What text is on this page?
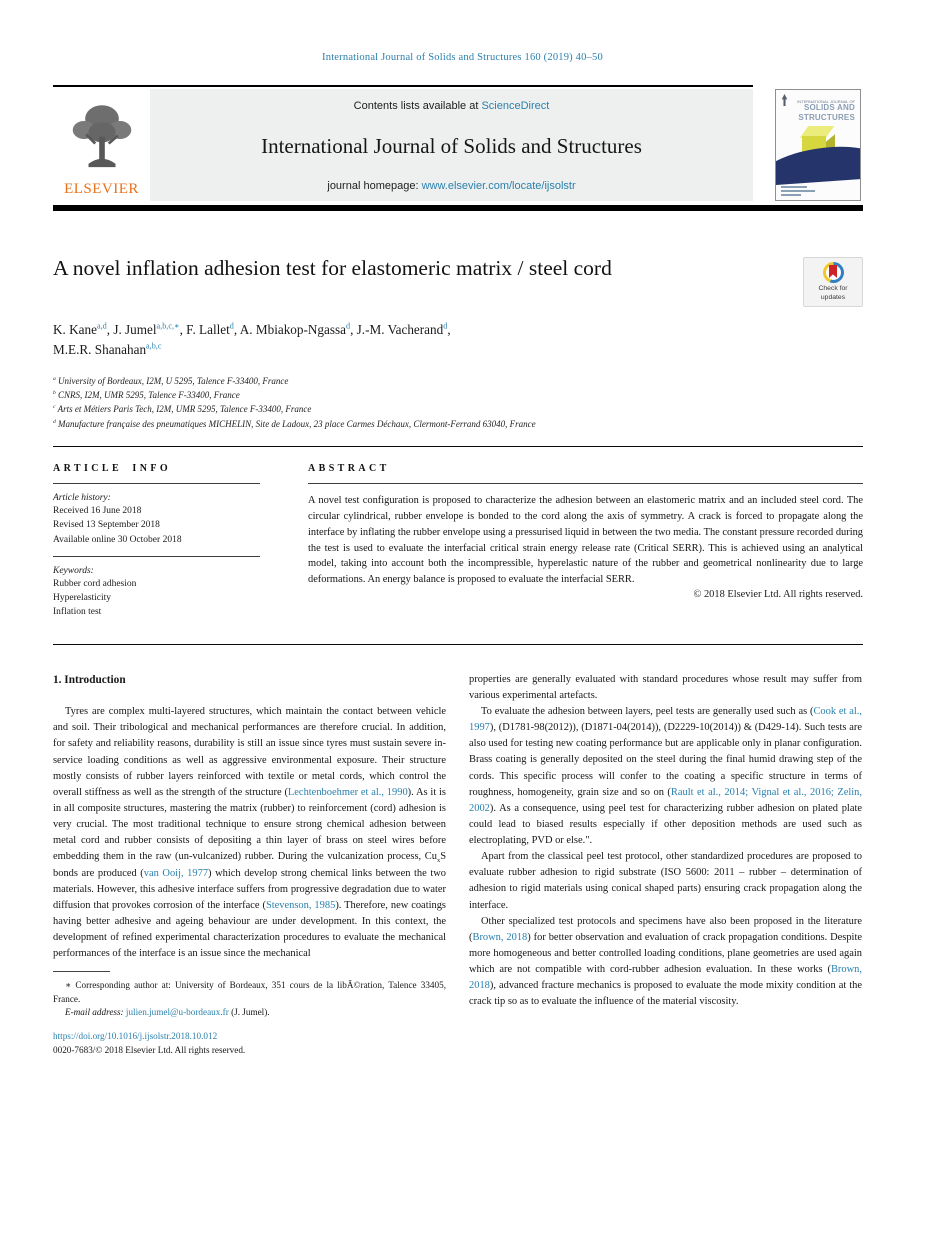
International Journal of Solids and Structures 160 (2019) 40–50
ELSEVIER
Contents lists available at ScienceDirect
International Journal of Solids and Structures
journal homepage: www.elsevier.com/locate/ijsolstr
INTERNATIONAL JOURNAL OF
SOLIDS AND
STRUCTURES
A novel inflation adhesion test for elastomeric matrix / steel cord
Check for
updates
K. Kane$^{a,d}$, J. Jumel$^{a,b,c,∗}$, F. Lallet$^d$, A. Mbiakop-Ngassa$^d$, J.-M. Vacherand$^d$,
M.E.R. Shanahan$^{a,b,c}$

$^a$ University of Bordeaux, I2M, U 5295, Talence F-33400, France

$^b$ CNRS, I2M, UMR 5295, Talence F-33400, France

$^c$ Arts et Métiers Paris Tech, I2M, UMR 5295, Talence F-33400, France

$^d$ Manufacture française des pneumatiques MICHELIN, Site de Ladoux, 23 place Carmes Déchaux, Clermont-Ferrand 63040, France

ARTICLE INFO
Article history:
Received 16 June 2018
Revised 13 September 2018
Available online 30 October 2018
Keywords:
Rubber cord adhesion
Hyperelasticity
Inflation test
ABSTRACT
A novel test configuration is proposed to characterize the adhesion between an elastomeric matrix and an included steel cord. The circular cylindrical, rubber envelope is bonded to the cord along the axis of symmetry. A crack is forced to propagate along the interface by inflating the rubber envelope using a pressurised liquid in between the two media. The constant pressure recorded during the test is used to evaluate the interfacial critical strain energy release rate (Critical SERR). This is achieved using an analytical model, taking into account both the incompressible, hyperelastic nature of the rubber and geometrical nonlinearity due to large deformations. An energy balance is proposed to evaluate the interfacial SERR.
© 2018 Elsevier Ltd. All rights reserved.
1. Introduction

Tyres are complex multi-layered structures, which maintain the contact between vehicle and soil. Their tribological and mechanical performances are therefore crucial. In addition, for safety and reliability reasons, durability is still an issue since tyres must sustain severe in-service loading conditions as well as aggressive environmental exposure. Their structure mostly consists of rubber layers reinforced with textile or metal cords, which control the overall stiffness as well as the strength of the structure (Lechtenboehmer et al., 1990). As it is in all composite structures, mastering the matrix (rubber) to reinforcement (cord) adhesion is very crucial. The most traditional technique to ensure strong chemical adhesion between metal cord and rubber consists of depositing a thin layer of brass on steel wires before embedding them in the raw (un-vulcanized) rubber. During the vulcanization process, $Cu_xS$ bonds are produced (van Ooij, 1977) which develop strong chemical links between the two materials. However, this adhesive interface suffers from progressive degradation due to water diffusion that provokes corrosion of the interface (Stevenson, 1985). Therefore, new coatings having better adhesive and ageing behaviour are under development. In this context, the development of refined experimental characterization procedures to evaluate the mechanical performances of the interface is an issue since the mechanical

∗ Corresponding author at: University of Bordeaux, 351 cours de la libÃ©ration, Talence 33405, France.

E-mail address: julien.jumel@u-bordeaux.fr (J. Jumel).

https://doi.org/10.1016/j.ijsolstr.2018.10.012
0020-7683/© 2018 Elsevier Ltd. All rights reserved.

properties are generally evaluated with standard procedures whose result may suffer from various experimental artefacts.

To evaluate the adhesion between layers, peel tests are generally used such as (Cook et al., 1997), (D1781-98(2012)), (D1871-04(2014)), (D2229-10(2014)) & (D429-14). Such tests are also used for testing new coating performance but are applicable only in planar configuration. Brass coating is generally deposited on the steel during the final humid drawing step of the cords. This specific process will confer to the coating a specific structure in terms of roughness, homogeneity, grain size and so on (Rault et al., 2014; Vignal et al., 2016; Zelin, 2002). As a consequence, using peel test for characterizing rubber adhesion on plated plate could lead to biased results especially if other deposition methods are used such as electroplating, PVD or else.".

Apart from the classical peel test protocol, other standardized procedures are proposed to evaluate rubber adhesion to rigid substrate (ISO 5600: 2011 – rubber – determination of adhesion to rigid materials using conical shaped parts) ensuring crack propagation along the interface.

Other specialized test protocols and specimens have also been proposed in the literature (Brown, 2018) for better observation and evaluation of crack propagation conditions. Despite more homogeneous and better controlled loading conditions, plane geometries are used again which are not compatible with cord-rubber adhesion evaluation. In these works (Brown, 2018), advanced fracture mechanics is proposed to evaluate the mode mixity condition at the crack tip so as to evaluate the influence of the material viscosity.
